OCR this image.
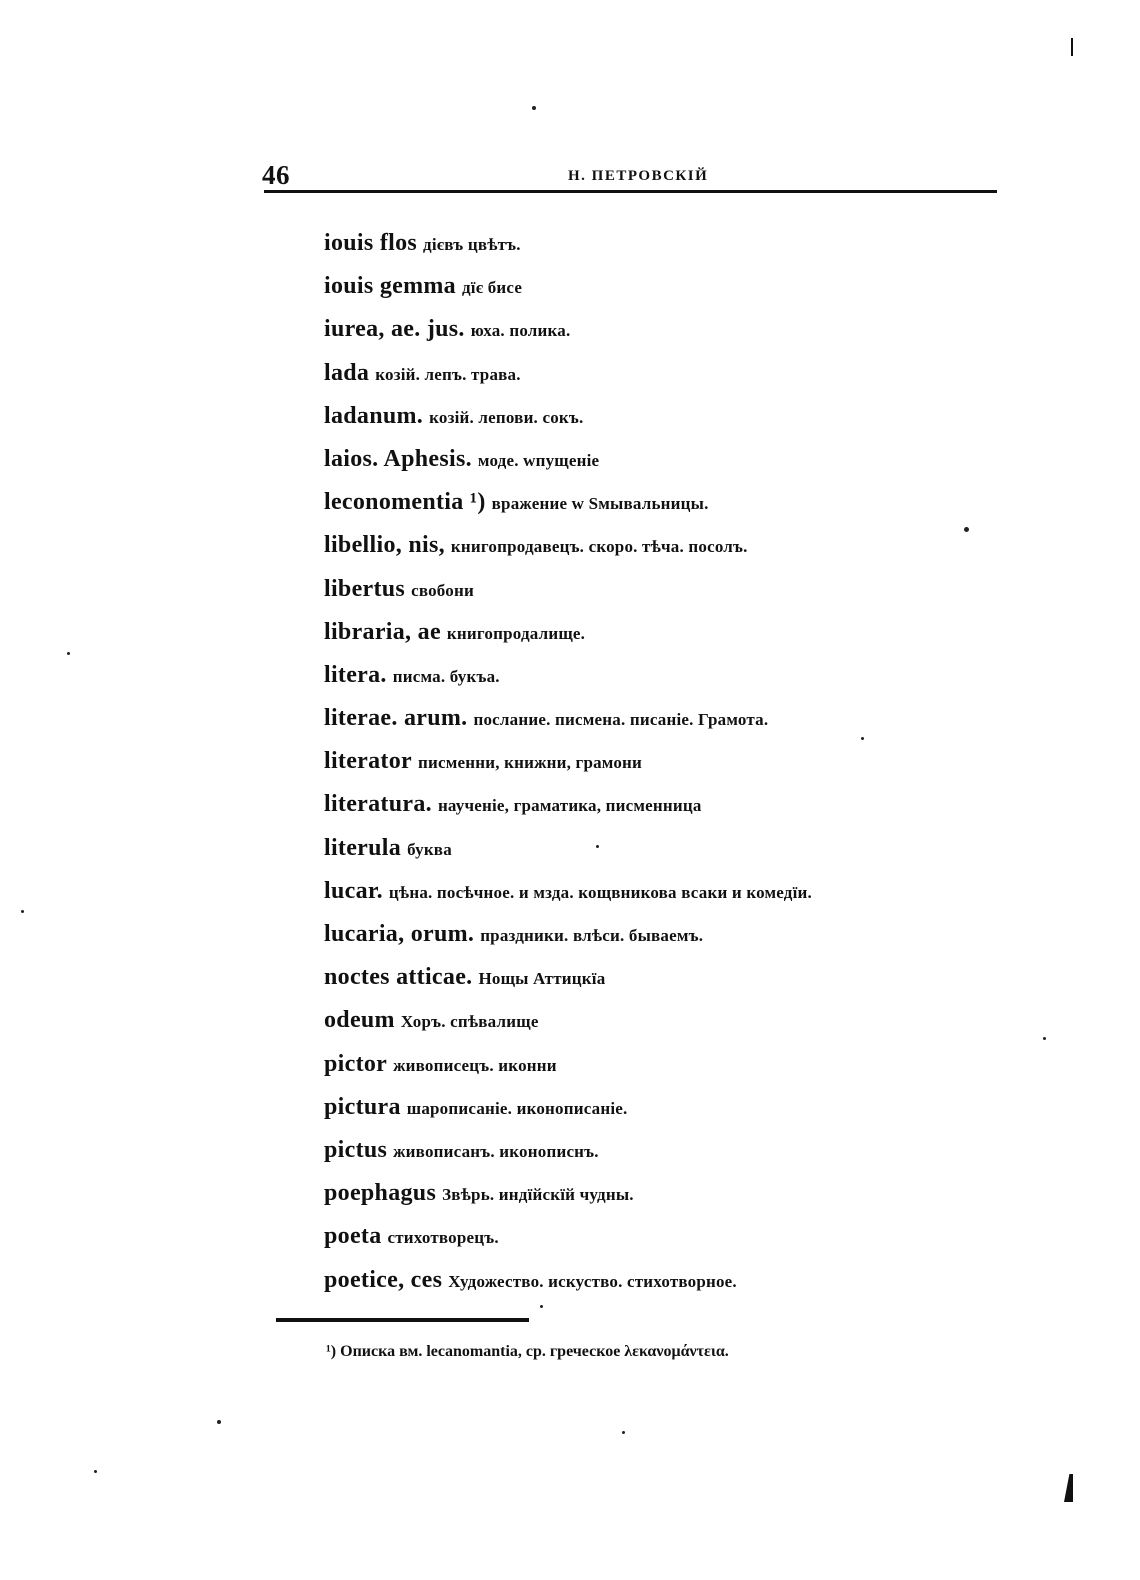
46	Н. ПЕТРОВСКІЙ
iouis flos дієвъ цвѣтъ.
iouis gemma дїє бисе
iurea, ae. jus. юха. полика.
lada козій. лепъ. трава.
ladanum. козій. лепови. сокъ.
laios. Aphesis. моде. wпущеніе
leconomentia ¹) вражение w Ѕмывальницы.
libellio, nis, книгопродавецъ. скоро. тѣча. посолъ.
libertus свобони
libraria, ae книгопродалище.
litera. писма. букъа.
literae. arum. послание. писмена. писаніе. Грамота.
literator писменни, книжни, грамони
literatura. наученіе, граматика, писменница
literula буква
lucar. цѣна. посѣчное. и мзда. кощвникова всаки и комедїи.
lucaria, orum. праздники. влѣси. бываемъ.
noctes atticae. Нощы Аттицкїа
odeum Хоръ. спѣвалище
pictor живописецъ. иконни
pictura шарописаніе. иконописаніе.
pictus живописанъ. иконописнъ.
poephagus Звѣрь. индїйскїй чудны.
poeta стихотворецъ.
poetice, ces Художество. искуство. стихотворное.
¹) Описка вм. lecanomantia, ср. греческое λεκανομάντεια.
